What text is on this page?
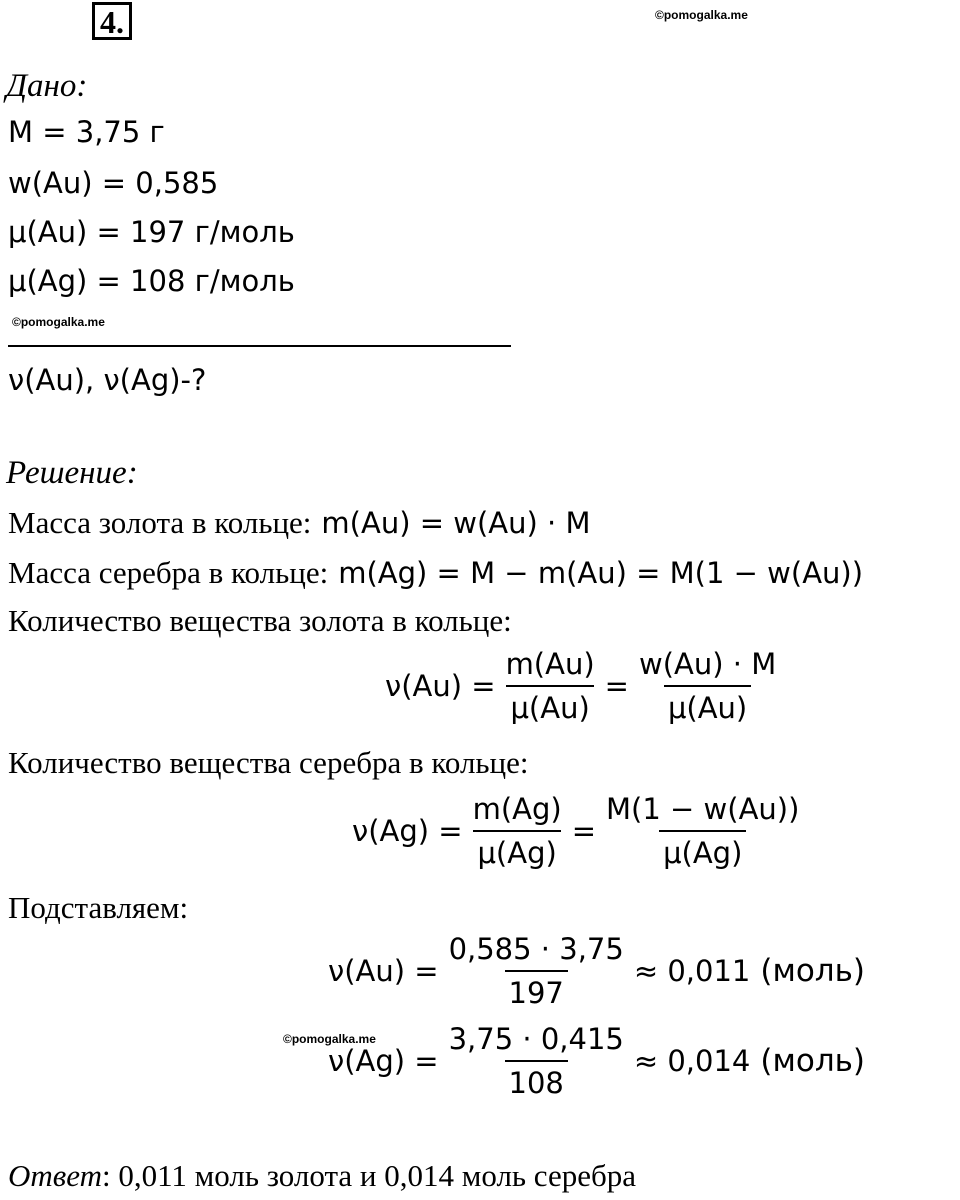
4.	©pomogalka.me
Дано:
M = 3,75 г
w(Au) = 0,585
μ(Au) = 197 г/моль
μ(Ag) = 108 г/моль
©pomogalka.me
ν(Au), ν(Ag)-?
Решение:
Масса золота в кольце: m(Au) = w(Au) · M
Масса серебра в кольце: m(Ag) = M − m(Au) = M(1 − w(Au))
Количество вещества золота в кольце:
$\nu(Au) = \frac{m(Au)}{\mu(Au)} = \frac{w(Au) \cdot M}{\mu(Au)}$
Количество вещества серебра в кольце:
$\nu(Ag) = \frac{m(Ag)}{\mu(Ag)} = \frac{M(1 - w(Au))}{\mu(Ag)}$
Подставляем:
$\nu(Au) = \frac{0,585 \cdot 3,75}{197} \approx 0,011$ (моль)
©pomogalka.me
$\nu(Ag) = \frac{3,75 \cdot 0,415}{108} \approx 0,014$ (моль)
Ответ: 0,011 моль золота и 0,014 моль серебра
